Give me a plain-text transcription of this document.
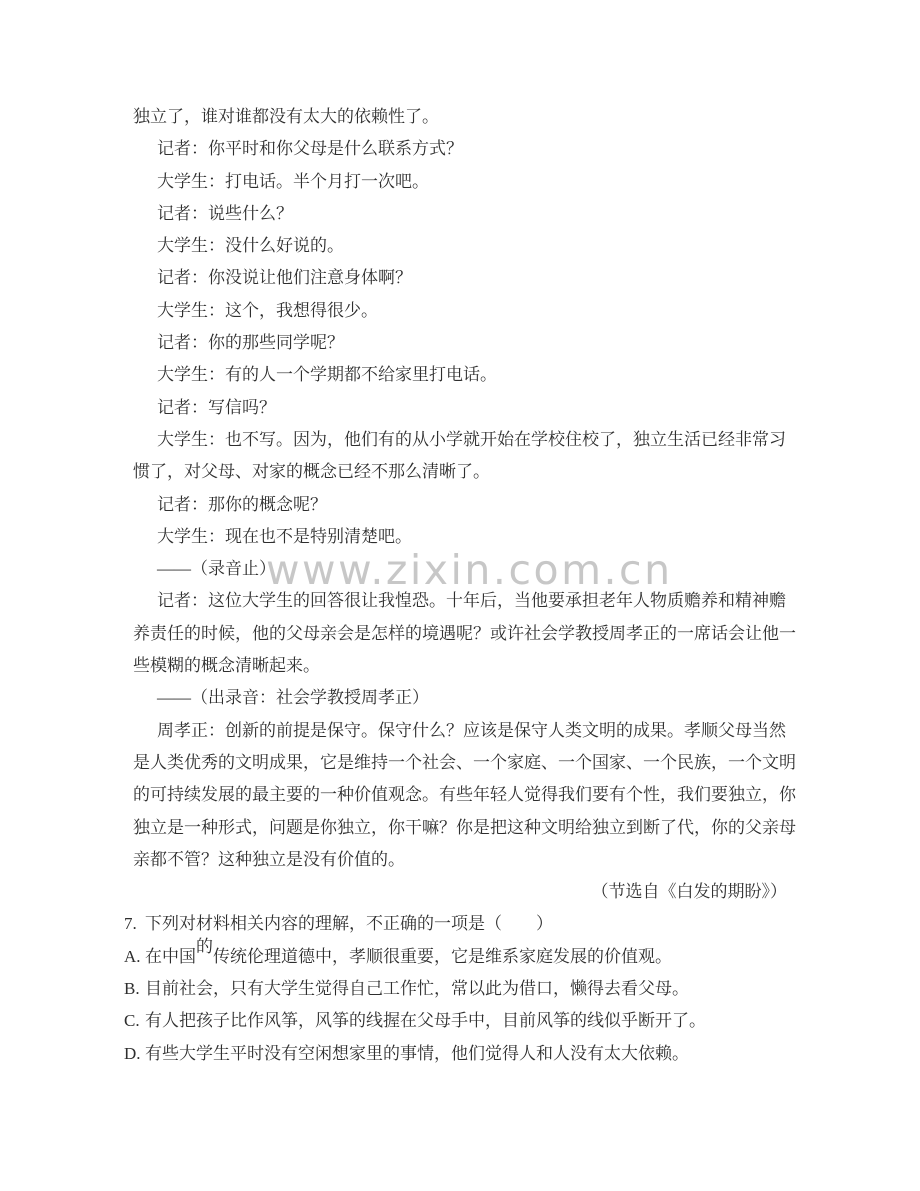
www.zixin.com.cn
独立了，谁对谁都没有太大的依赖性了。
记者：你平时和你父母是什么联系方式？
大学生：打电话。半个月打一次吧。
记者：说些什么？
大学生：没什么好说的。
记者：你没说让他们注意身体啊？
大学生：这个，我想得很少。
记者：你的那些同学呢？
大学生：有的人一个学期都不给家里打电话。
记者：写信吗？
大学生：也不写。因为，他们有的从小学就开始在学校住校了，独立生活已经非常习
惯了，对父母、对家的概念已经不那么清晰了。
记者：那你的概念呢？
大学生：现在也不是特别清楚吧。
——（录音止）
记者：这位大学生的回答很让我惶恐。十年后，当他要承担老年人物质赡养和精神赡
养责任的时候，他的父母亲会是怎样的境遇呢？或许社会学教授周孝正的一席话会让他一
些模糊的概念清晰起来。
——（出录音：社会学教授周孝正）
周孝正：创新的前提是保守。保守什么？应该是保守人类文明的成果。孝顺父母当然
是人类优秀的文明成果，它是维持一个社会、一个家庭、一个国家、一个民族，一个文明
的可持续发展的最主要的一种价值观念。有些年轻人觉得我们要有个性，我们要独立，你
独立是一种形式，问题是你独立，你干嘛？你是把这种文明给独立到断了代，你的父亲母
亲都不管？这种独立是没有价值的。
（节选自《白发的期盼》）
7. 下列对材料相关内容的理解，不正确的一项是（　　）
A. 在中国的传统伦理道德中，孝顺很重要，它是维系家庭发展的价值观。
B. 目前社会，只有大学生觉得自己工作忙，常以此为借口，懒得去看父母。
C. 有人把孩子比作风筝，风筝的线握在父母手中，目前风筝的线似乎断开了。
D. 有些大学生平时没有空闲想家里的事情，他们觉得人和人没有太大依赖。
